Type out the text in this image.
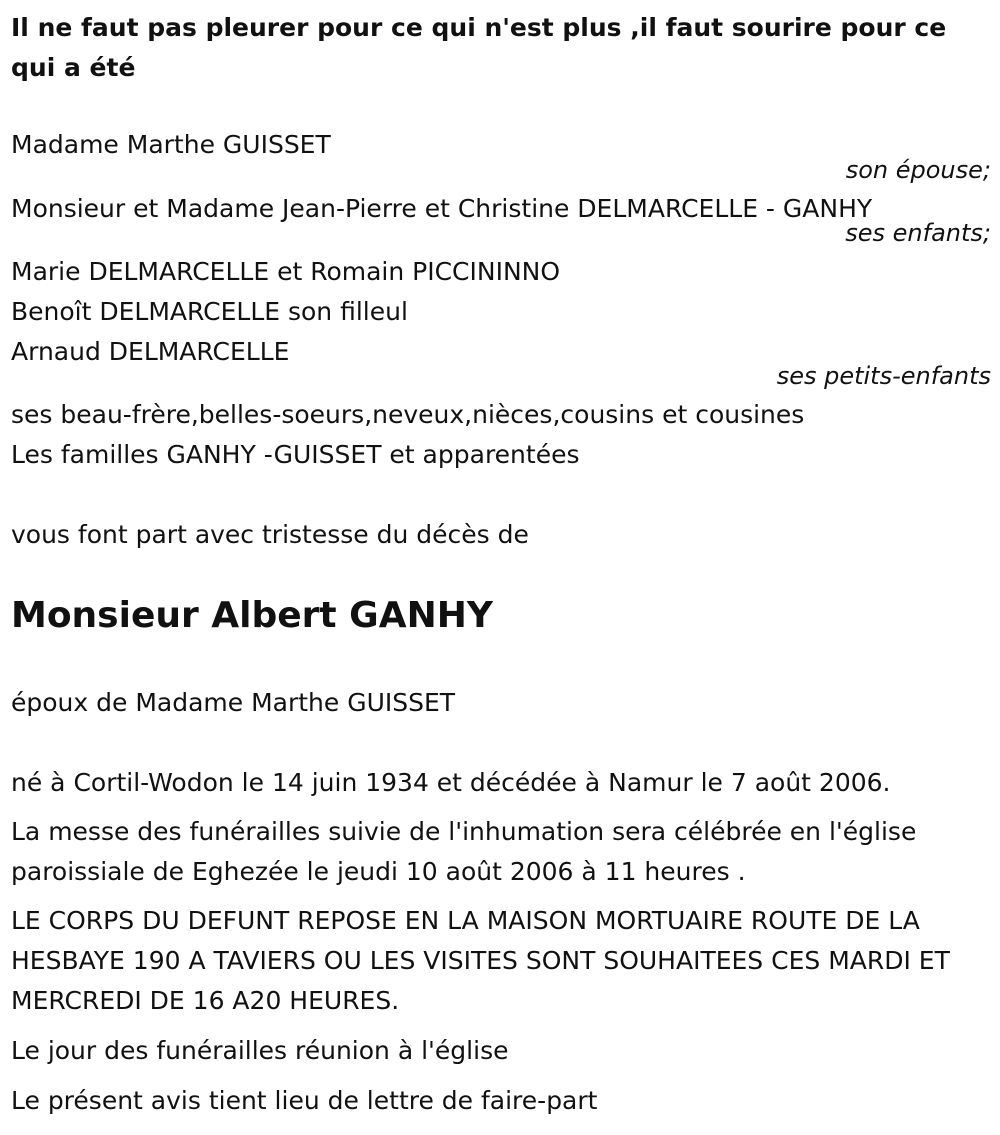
Il ne faut pas pleurer pour ce qui n'est plus ,il faut sourire pour ce qui a été
Madame Marthe GUISSET
son épouse;
Monsieur et Madame Jean-Pierre et Christine DELMARCELLE - GANHY
ses enfants;
Marie DELMARCELLE et Romain PICCININNO
Benoît DELMARCELLE son filleul
Arnaud DELMARCELLE
ses petits-enfants
ses beau-frère,belles-soeurs,neveux,nièces,cousins et cousines
Les familles GANHY -GUISSET et apparentées
vous font part avec tristesse du décès de
Monsieur Albert GANHY
époux de Madame Marthe GUISSET
né à Cortil-Wodon le 14 juin 1934 et décédée à Namur le 7 août 2006.
La messe des funérailles suivie de l'inhumation sera célébrée en l'église paroissiale de Eghezée le jeudi 10 août 2006 à 11 heures .
LE CORPS DU DEFUNT REPOSE EN LA MAISON MORTUAIRE ROUTE DE LA HESBAYE 190 A TAVIERS OU LES VISITES SONT SOUHAITEES CES MARDI ET MERCREDI DE 16 A20 HEURES.
Le jour des funérailles réunion à l'église
Le présent avis tient lieu de lettre de faire-part
